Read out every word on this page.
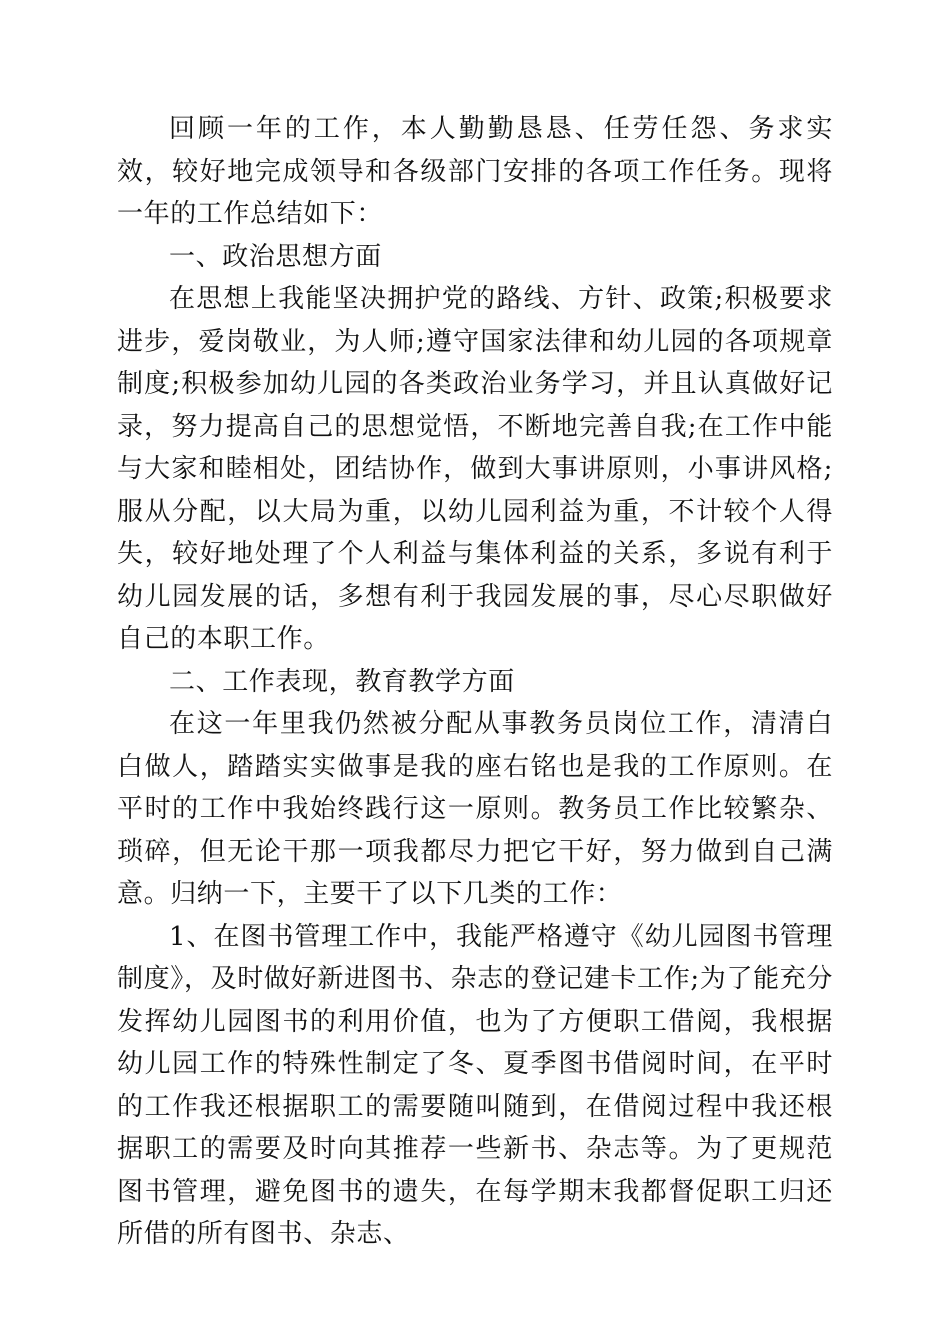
回顾一年的工作，本人勤勤恳恳、任劳任怨、务求实效，较好地完成领导和各级部门安排的各项工作任务。现将一年的工作总结如下：

一、政治思想方面

在思想上我能坚决拥护党的路线、方针、政策;积极要求进步，爱岗敬业，为人师;遵守国家法律和幼儿园的各项规章制度;积极参加幼儿园的各类政治业务学习，并且认真做好记录，努力提高自己的思想觉悟，不断地完善自我;在工作中能与大家和睦相处，团结协作，做到大事讲原则，小事讲风格;服从分配，以大局为重，以幼儿园利益为重，不计较个人得失，较好地处理了个人利益与集体利益的关系，多说有利于幼儿园发展的话，多想有利于我园发展的事，尽心尽职做好自己的本职工作。

二、工作表现，教育教学方面

在这一年里我仍然被分配从事教务员岗位工作，清清白白做人，踏踏实实做事是我的座右铭也是我的工作原则。在平时的工作中我始终践行这一原则。教务员工作比较繁杂、琐碎，但无论干那一项我都尽力把它干好，努力做到自己满意。归纳一下，主要干了以下几类的工作：

1、在图书管理工作中，我能严格遵守《幼儿园图书管理制度》，及时做好新进图书、杂志的登记建卡工作;为了能充分发挥幼儿园图书的利用价值，也为了方便职工借阅，我根据幼儿园工作的特殊性制定了冬、夏季图书借阅时间，在平时的工作我还根据职工的需要随叫随到，在借阅过程中我还根据职工的需要及时向其推荐一些新书、杂志等。为了更规范图书管理，避免图书的遗失，在每学期末我都督促职工归还所借的所有图书、杂志、
